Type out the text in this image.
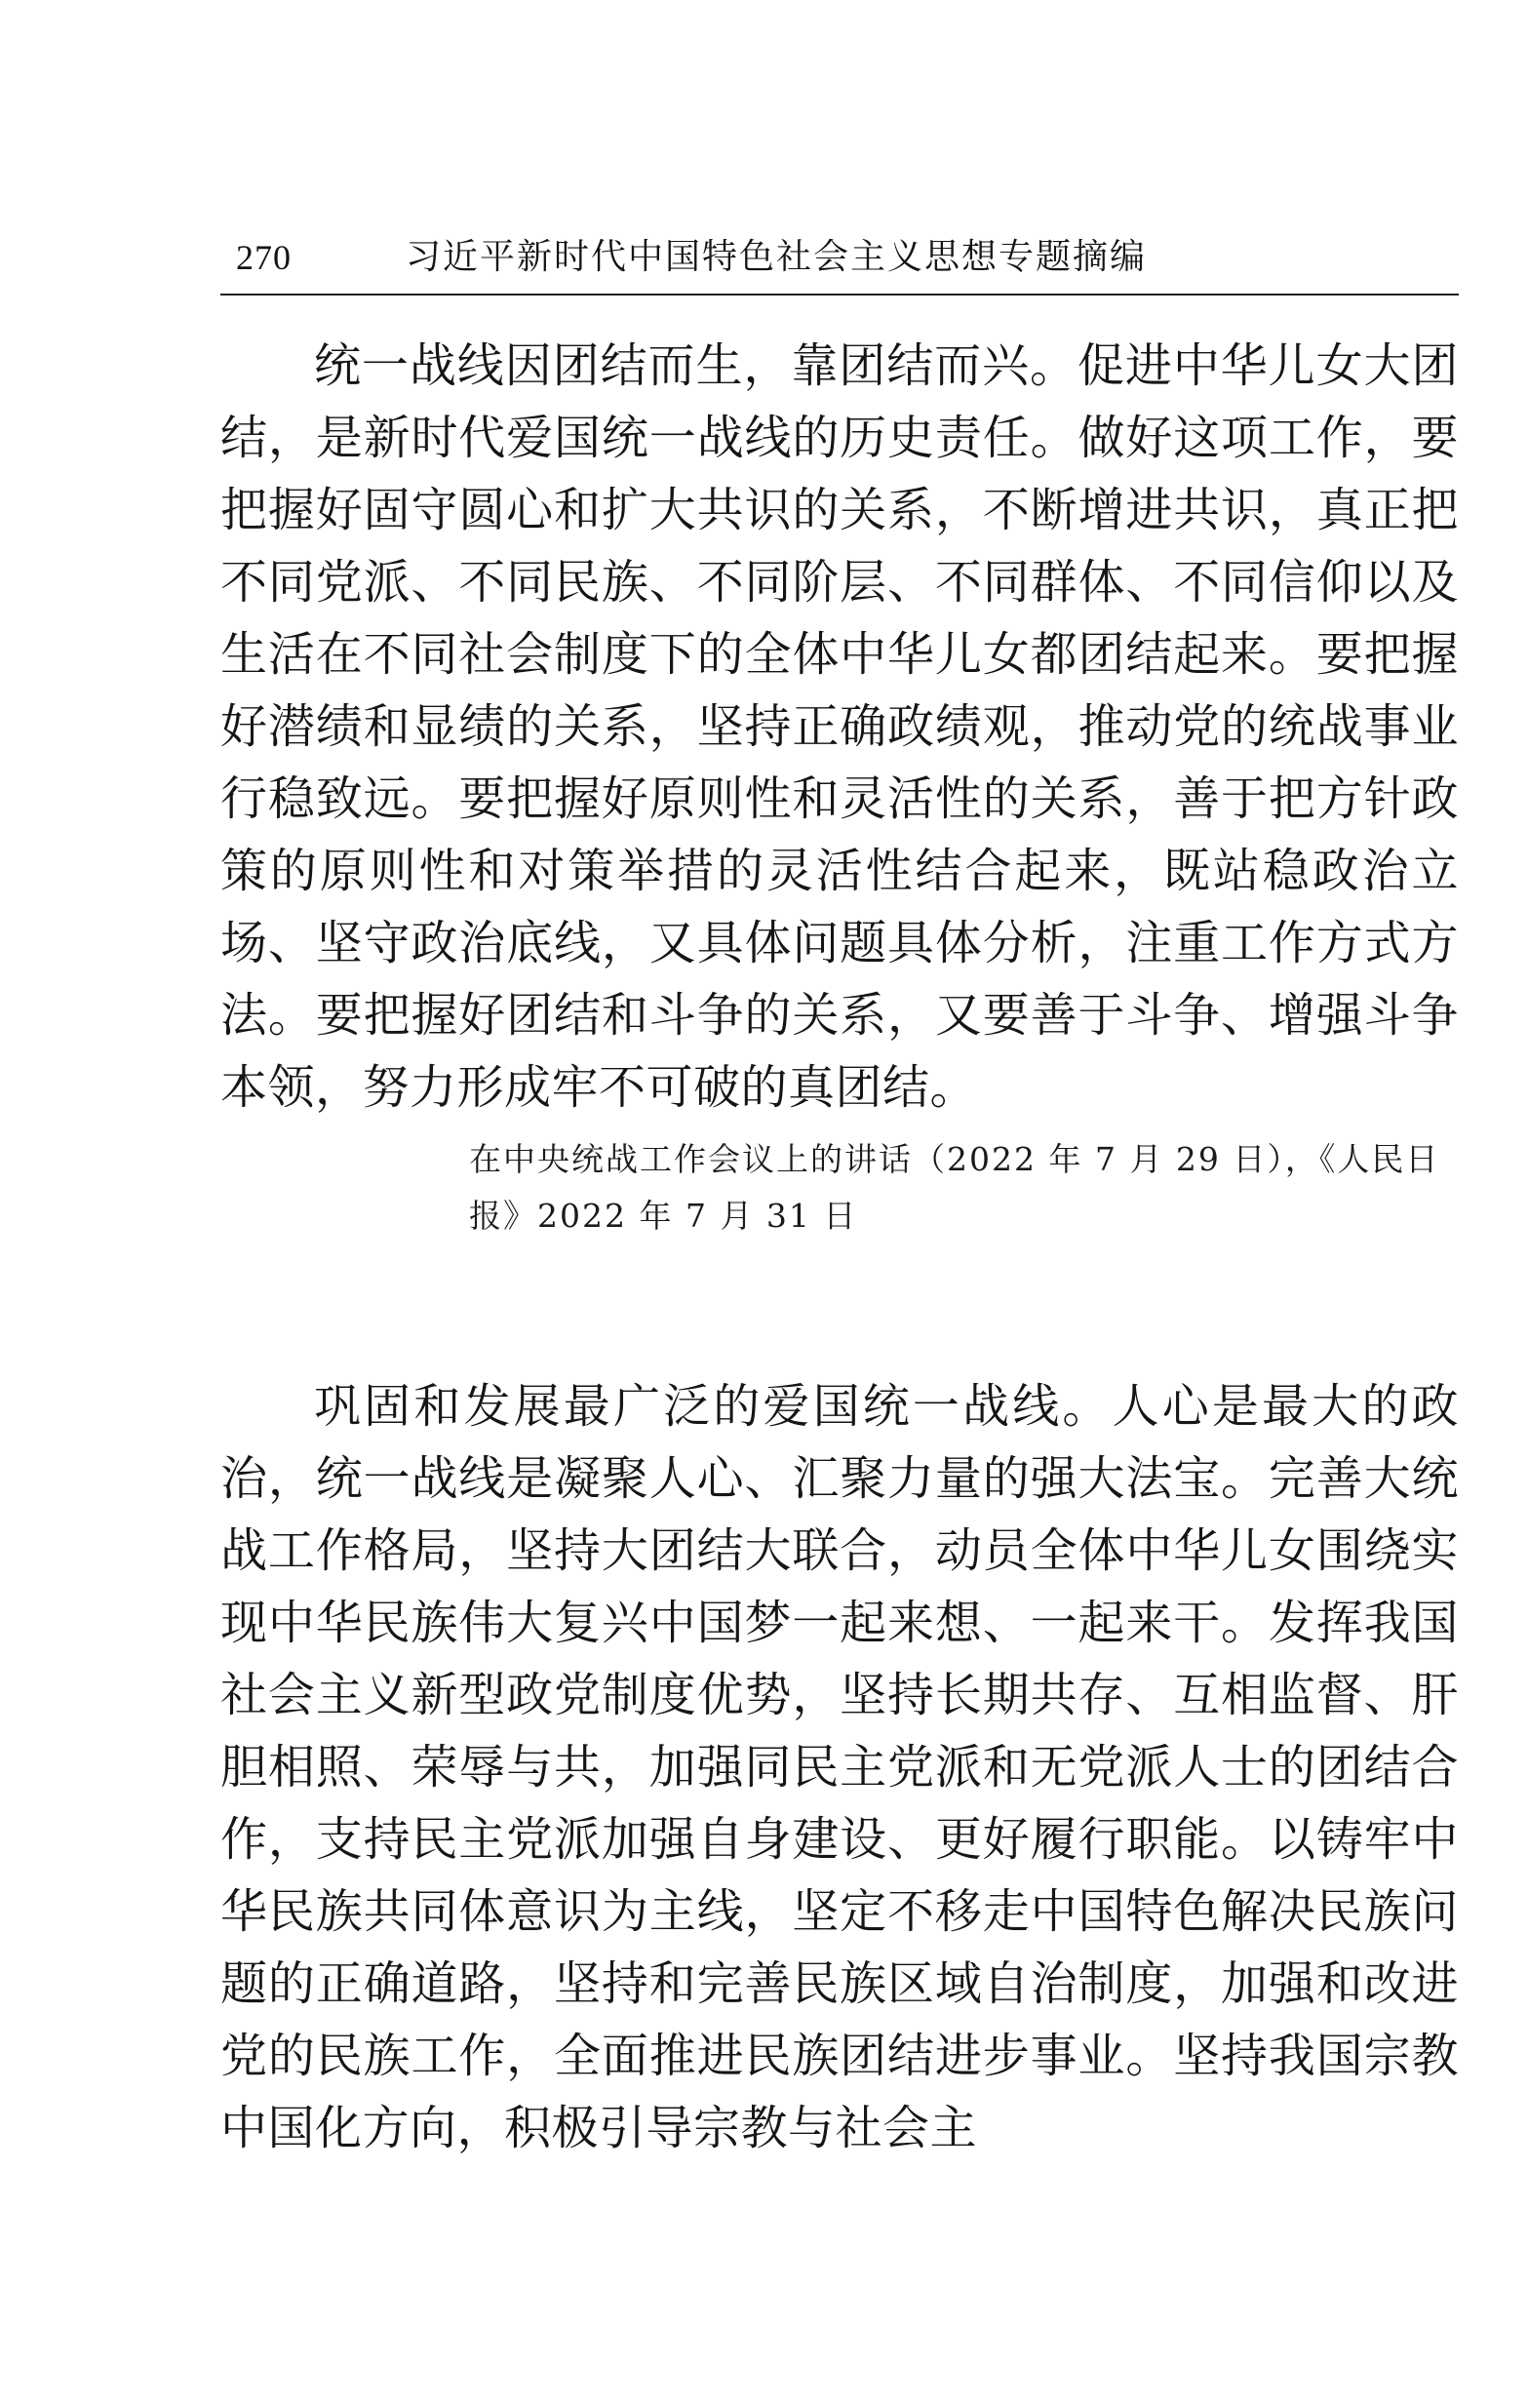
270	习近平新时代中国特色社会主义思想专题摘编

统一战线因团结而生，靠团结而兴。促进中华儿女大团结，是新时代爱国统一战线的历史责任。做好这项工作，要把握好固守圆心和扩大共识的关系，不断增进共识，真正把不同党派、不同民族、不同阶层、不同群体、不同信仰以及生活在不同社会制度下的全体中华儿女都团结起来。要把握好潜绩和显绩的关系，坚持正确政绩观，推动党的统战事业行稳致远。要把握好原则性和灵活性的关系，善于把方针政策的原则性和对策举措的灵活性结合起来，既站稳政治立场、坚守政治底线，又具体问题具体分析，注重工作方式方法。要把握好团结和斗争的关系，又要善于斗争、增强斗争本领，努力形成牢不可破的真团结。

在中央统战工作会议上的讲话（2022 年 7 月 29 日），《人民日报》2022 年 7 月 31 日

巩固和发展最广泛的爱国统一战线。人心是最大的政治，统一战线是凝聚人心、汇聚力量的强大法宝。完善大统战工作格局，坚持大团结大联合，动员全体中华儿女围绕实现中华民族伟大复兴中国梦一起来想、一起来干。发挥我国社会主义新型政党制度优势，坚持长期共存、互相监督、肝胆相照、荣辱与共，加强同民主党派和无党派人士的团结合作，支持民主党派加强自身建设、更好履行职能。以铸牢中华民族共同体意识为主线，坚定不移走中国特色解决民族问题的正确道路，坚持和完善民族区域自治制度，加强和改进党的民族工作，全面推进民族团结进步事业。坚持我国宗教中国化方向，积极引导宗教与社会主
